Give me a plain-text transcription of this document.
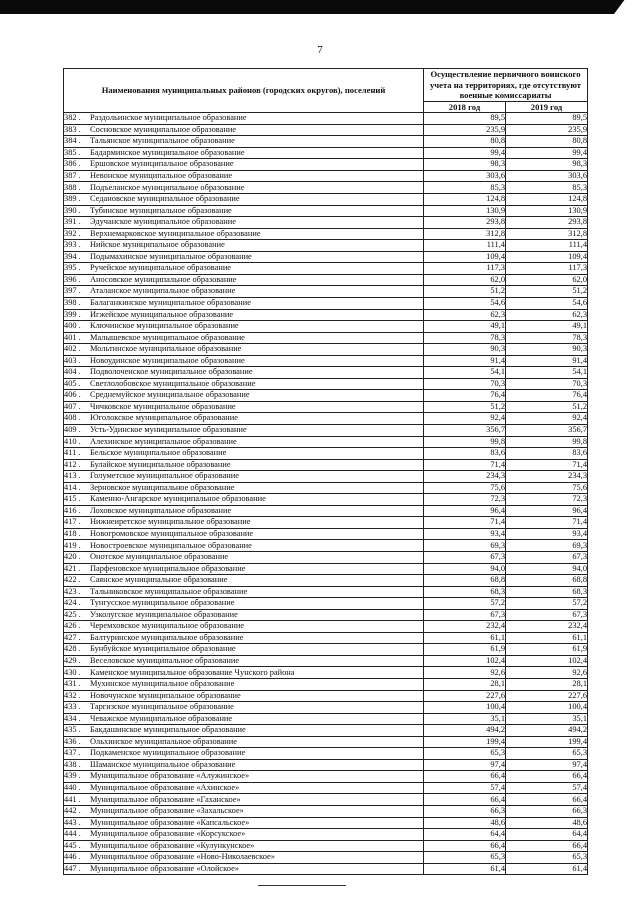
7
Наименования муниципальных районов (городских округов), поселений	Осуществление первичного воинского учета на территориях, где отсутствуют военные комиссариаты	
	2018 год	2019 год
382 . Раздольинское муниципальное образование	89,5	89,5
383 . Сосновское муниципальное образование	235,9	235,9
384 . Тальянское муниципальное образование	80,8	80,8
385 . Бадарминское муниципальное образование	99,4	99,4
386 . Ершовское муниципальное образование	98,3	98,3
387 . Невонское муниципальное образование	303,6	303,6
388 . Подъеланское муниципальное образование	85,3	85,3
389 . Седановское муниципальное образование	124,8	124,8
390 . Тубинское муниципальное образование	130,9	130,9
391 . Эдучанское муниципальное образование	293,8	293,8
392 . Верхнемарковское муниципальное образование	312,8	312,8
393 . Нийское муниципальное образование	111,4	111,4
394 . Подымахинское муниципальное образование	109,4	109,4
395 . Ручейское муниципальное образование	117,3	117,3
396 . Аносовское муниципальное образование	62,0	62,0
397 . Аталанское муниципальное образование	51,2	51,2
398 . Балаганкинское муниципальное образование	54,6	54,6
399 . Игжейское муниципальное образование	62,3	62,3
400 . Ключинское муниципальное образование	49,1	49,1
401 . Малышевское муниципальное образование	78,3	78,3
402 . Мольтинское муниципальное образование	90,3	90,3
403 . Новоудинское муниципальное образование	91,4	91,4
404 . Подволоченское муниципальное образование	54,1	54,1
405 . Светлолобовское муниципальное образование	70,3	70,3
406 . Среднемуйское муниципальное образование	76,4	76,4
407 . Чичковское муниципальное образование	51,2	51,2
408 . Юголокское муниципальное образование	92,4	92,4
409 . Усть-Удинское муниципальное образование	356,7	356,7
410 . Алехинское муниципальное образование	99,8	99,8
411 . Бельское муниципальное образование	83,6	83,6
412 . Булайское муниципальное образование	71,4	71,4
413 . Голуметское муниципальное образование	234,3	234,3
414 . Зерновское муниципальное образование	75,6	75,6
415 . Каменно-Ангарское муниципальное образование	72,3	72,3
416 . Лоховское муниципальное образование	96,4	96,4
417 . Нижнеиретское муниципальное образование	71,4	71,4
418 . Новогромовское муниципальное образование	93,4	93,4
419 . Новостроевское муниципальное образование	69,3	69,3
420 . Онотское муниципальное образование	67,3	67,3
421 . Парфеновское муниципальное образование	94,0	94,0
422 . Саянское муниципальное образование	68,8	68,8
423 . Тальниковское муниципальное образование	68,3	68,3
424 . Тунгусское муниципальное образование	57,2	57,2
425 . Узколугское муниципальное образование	67,3	67,3
426 . Черемховское муниципальное образование	232,4	232,4
427 . Балтуринское муниципальное образование	61,1	61,1
428 . Бунбуйское муниципальное образование	61,9	61,9
429 . Веселовское муниципальное образование	102,4	102,4
430 . Каменское муниципальное образование Чунского района	92,6	92,6
431 . Мухинское муниципальное образование	28,1	28,1
432 . Новочунское муниципальное образование	227,6	227,6
433 . Таргизское муниципальное образование	100,4	100,4
434 . Чеважское муниципальное образование	35,1	35,1
435 . Бакдашинское муниципальное образование	494,2	494,2
436 . Ольхинское муниципальное образование	199,4	199,4
437 . Подкаменское муниципальное образование	65,3	65,3
438 . Шаманское муниципальное образование	97,4	97,4
439 . Муниципальное образование «Алужинское»	66,4	66,4
440 . Муниципальное образование «Ахинское»	57,4	57,4
441 . Муниципальное образование «Гаханское»	66,4	66,4
442 . Муниципальное образование «Захальское»	66,3	66,3
443 . Муниципальное образование «Капсальское»	48,6	48,6
444 . Муниципальное образование «Корсукское»	64,4	64,4
445 . Муниципальное образование «Кулункунское»	66,4	66,4
446 . Муниципальное образование «Ново-Николаевское»	65,3	65,3
447 . Муниципальное образование «Олойское»	61,4	61,4
